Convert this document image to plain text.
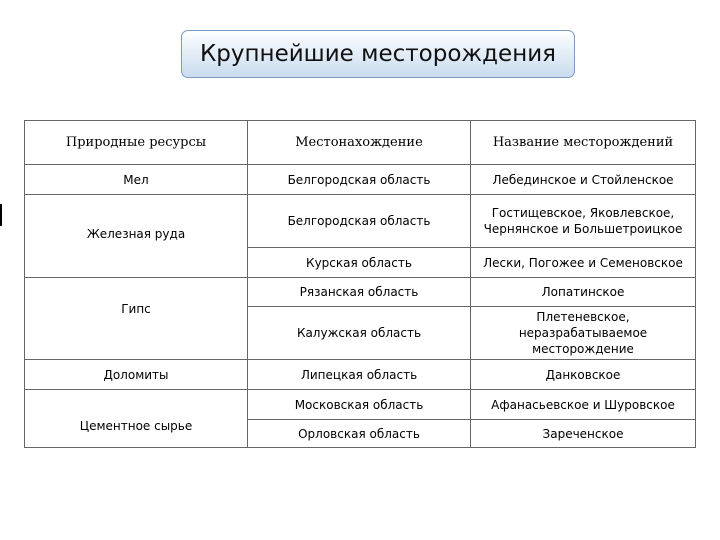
Крупнейшие месторождения
Природные ресурсы	Местонахождение	Название месторождений
Мел	Белгородская область	Лебединское и Стойленское

Железная руда	Белгородская область	Гостищевское, Яковлевское, Чернянское и Большетроицкое
	Курская область	Лески, Погожее и Семеновское

Гипс	Рязанская область	Лопатинское
	Калужская область	Плетеневское, неразрабатываемое месторождение
Доломиты	Липецкая область	Данковское

Цементное сырье	Московская область	Афанасьевское и Шуровское
	Орловская область	Зареченское
